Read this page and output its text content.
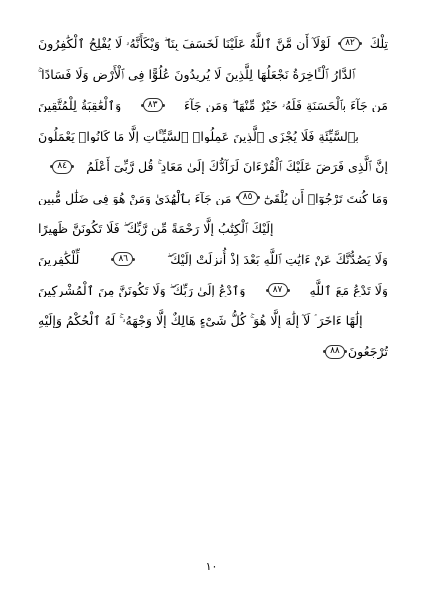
لَوْلَآ أَن مَّنَّ ٱللَّهُ عَلَيْنَا لَخَسَفَ بِنَا ۖ وَيْكَأَنَّهُۥ لَا يُفْلِحُ ٱلْكَٰفِرُونَ	٨٢	تِلْكَ
ٱلدَّارُ ٱلْـَٔاخِرَةُ نَجْعَلُهَا لِلَّذِينَ لَا يُرِيدُونَ عُلُوًّا فِى ٱلْأَرْضِ وَلَا فَسَادًا ۚ
وَٱلْعَٰقِبَةُ لِلْمُتَّقِينَ	٨٣	مَن جَآءَ بِٱلْحَسَنَةِ فَلَهُۥ خَيْرٌ مِّنْهَا ۖ وَمَن جَآءَ
بِٱلسَّيِّئَةِ فَلَا يُجْزَى ٱلَّذِينَ عَمِلُوا۟ ٱلسَّيِّـَٔاتِ إِلَّا مَا كَانُوا۟ يَعْمَلُونَ
٨٤	إِنَّ ٱلَّذِى فَرَضَ عَلَيْكَ ٱلْقُرْءَانَ لَرَآدُّكَ إِلَىٰ مَعَادٍ ۚ قُل رَّبِّىٓ أَعْلَمُ
مَن جَآءَ بِٱلْهُدَىٰ وَمَنْ هُوَ فِى ضَلَٰلٍ مُّبِينٍ	٨٥ وَمَا كُنتَ تَرْجُوٓا۟ أَن يُلْقَىٰٓ
إِلَيْكَ ٱلْكِتَٰبُ إِلَّا رَحْمَةً مِّن رَّبِّكَ ۖ فَلَا تَكُونَنَّ ظَهِيرًا
لِّلْكَٰفِرِينَ	٨٦	وَلَا يَصُدُّنَّكَ عَنْ ءَايَٰتِ ٱللَّهِ بَعْدَ إِذْ أُنزِلَتْ إِلَيْكَ ۖ
وَٱدْعُ إِلَىٰ رَبِّكَ ۖ وَلَا تَكُونَنَّ مِنَ ٱلْمُشْرِكِينَ	٨٧	وَلَا تَدْعُ مَعَ ٱللَّهِ
إِلَٰهًا ءَاخَرَ ۘ لَآ إِلَٰهَ إِلَّا هُوَ ۚ كُلُّ شَىْءٍ هَالِكٌ إِلَّا وَجْهَهُۥ ۚ لَهُ ٱلْحُكْمُ وَإِلَيْهِ
تُرْجَعُونَ
٨٨
١٠
